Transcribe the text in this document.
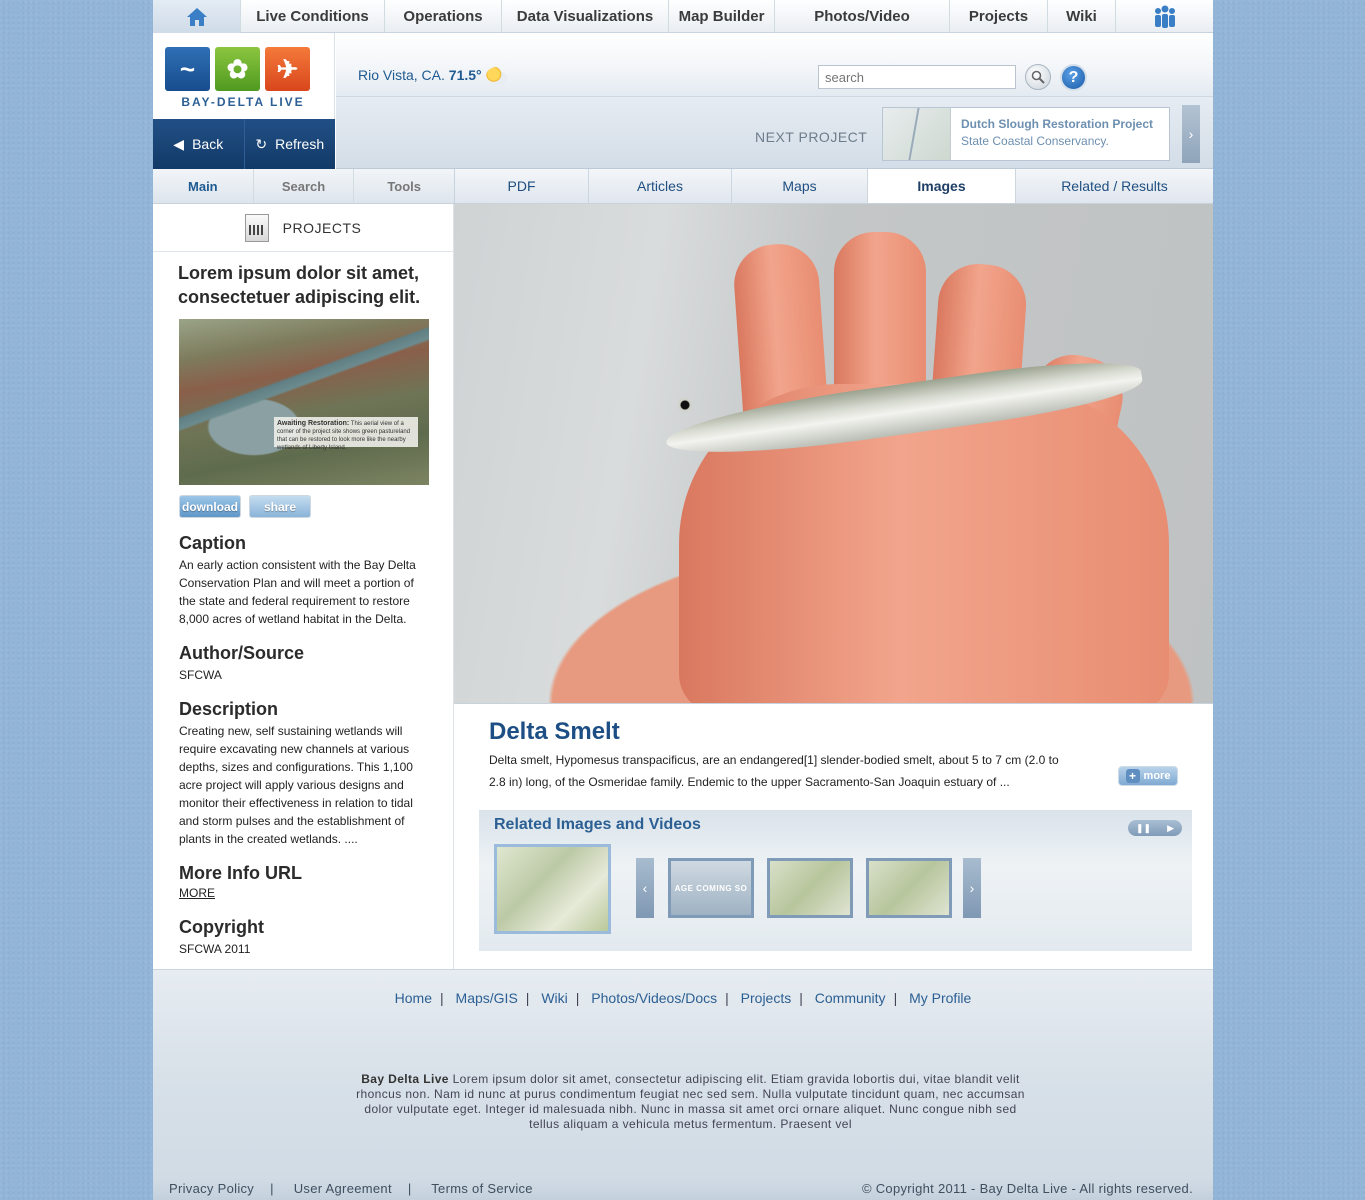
Live Conditions	Operations	Data Visualizations	Map Builder	Photos/Video	Projects	Wiki
~	✿	✈
BAY-DELTA LIVE
Rio Vista, CA. 71.5°
search	?
◀ Back ↻ Refresh	NEXT PROJECT
Dutch Slough Restoration Project
State Coastal Conservancy.	›
Main	Search	Tools	PDF	Articles	Maps	Images	Related / Results
PROJECTS
Lorem ipsum dolor sit amet, consectetuer adipiscing elit.
Awaiting Restoration: This aerial view of a corner of the project site shows green pastureland that can be restored to look more like the nearby wetlands of Liberty Island.
download	share
Caption

An early action consistent with the Bay Delta Conservation Plan and will meet a portion of the state and federal requirement to restore 8,000 acres of wetland habitat in the Delta.

Author/Source

SFCWA

Description

Creating new, self sustaining wetlands will require excavating new channels at various depths, sizes and configurations. This 1,100 acre project will apply various designs and monitor their effectiveness in relation to tidal and storm pulses and the establishment of plants in the created wetlands. ....

More Info URL
MORE
Copyright

SFCWA 2011

Delta Smelt
Delta smelt, Hypomesus transpacificus, are an endangered[1] slender-bodied smelt, about 5 to 7 cm (2.0 to 2.8 in) long, of the Osmeridae family. Endemic to the upper Sacramento-San Joaquin estuary of ...	+ more
Related Images and Videos	❚❚ ▶
‹	AGE COMING SO	›
Home | Maps/GIS | Wiki | Photos/Videos/Docs | Projects | Community | My Profile
Bay Delta Live Lorem ipsum dolor sit amet, consectetur adipiscing elit. Etiam gravida lobortis dui, vitae blandit velit rhoncus non. Nam id nunc at purus condimentum feugiat nec sed sem. Nulla vulputate tincidunt quam, nec accumsan dolor vulputate eget. Integer id malesuada nibh. Nunc in massa sit amet orci ornare aliquet. Nunc congue nibh sed tellus aliquam a vehicula metus fermentum. Praesent vel
Privacy Policy | User Agreement | Terms of Service	© Copyright 2011 - Bay Delta Live - All rights reserved.
